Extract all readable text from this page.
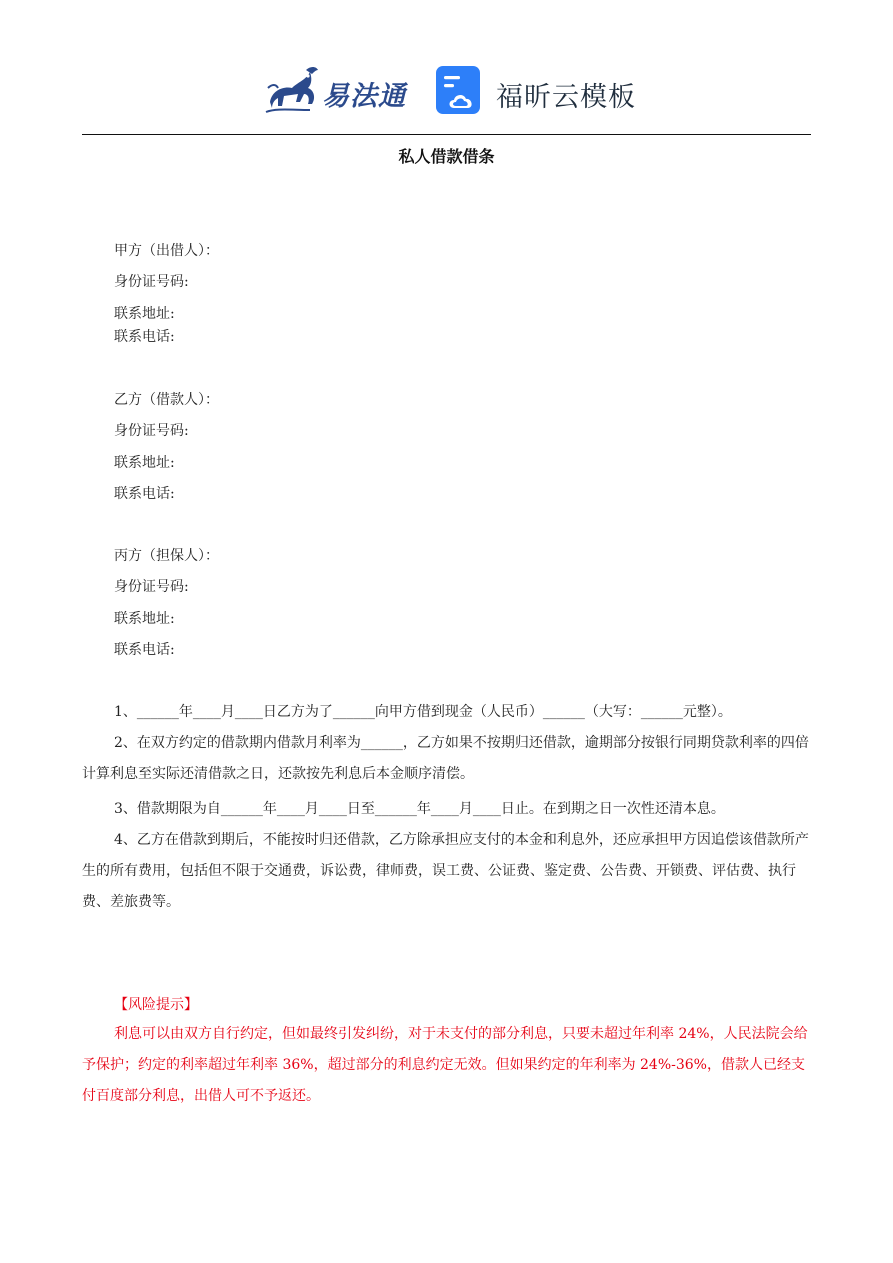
易法通	福昕云模板
私人借款借条
甲方（出借人）：
身份证号码:
联系地址:
联系电话:
乙方（借款人）：
身份证号码:
联系地址:
联系电话:
丙方（担保人）：
身份证号码:
联系地址:
联系电话:
1、______年____月____日乙方为了______向甲方借到现金（人民币）______（大写：______元整）。
2、在双方约定的借款期内借款月利率为______，乙方如果不按期归还借款，逾期部分按银行同期贷款利率的四倍计算利息至实际还清借款之日，还款按先利息后本金顺序清偿。
3、借款期限为自______年____月____日至______年____月____日止。在到期之日一次性还清本息。
4、乙方在借款到期后，不能按时归还借款，乙方除承担应支付的本金和利息外，还应承担甲方因追偿该借款所产生的所有费用，包括但不限于交通费，诉讼费，律师费，误工费、公证费、鉴定费、公告费、开锁费、评估费、执行费、差旅费等。
【风险提示】
利息可以由双方自行约定，但如最终引发纠纷，对于未支付的部分利息，只要未超过年利率 24%，人民法院会给予保护；约定的利率超过年利率 36%，超过部分的利息约定无效。但如果约定的年利率为 24%-36%，借款人已经支付百度部分利息，出借人可不予返还。
